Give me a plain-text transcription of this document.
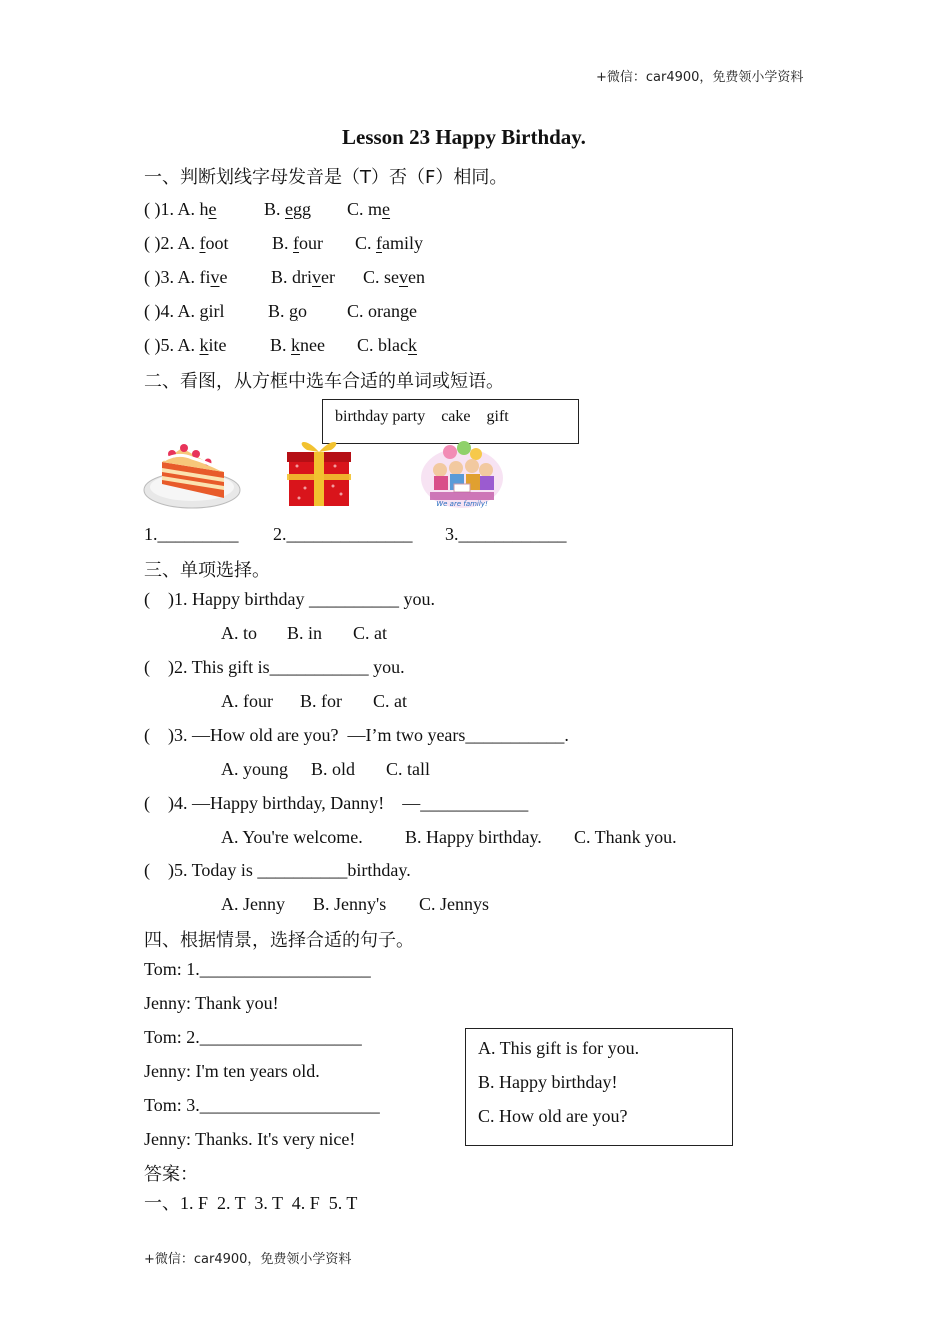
+微信：car4900，免费领小学资料
Lesson 23 Happy Birthday.
一、判断划线字母发音是（T）否（F）相同。
( )1. A. he	B. egg C. me
( )2. A. foot B. four C. family
( )3. A. five B. driver C. seven
( )4. A. girl B. go C. orange
( )5. A. kite B. knee C. black
二、看图，从方框中选车合适的单词或短语。
birthday party    cake    gift
We are family!
1._________ 2.______________ 3.____________
三、单项选择。
(    )1. Happy birthday __________ you.
A. to B. in C. at
(    )2. This gift is___________ you.
A. four B. for C. at
(    )3. —How old are you?  —I’m two years___________.
A. young B. old C. tall
(    )4. —Happy birthday, Danny!    —____________
A. You're welcome. B. Happy birthday. C. Thank you.
(    )5. Today is __________birthday.
A. Jenny B. Jenny's C. Jennys
四、根据情景，选择合适的句子。
Tom: 1.___________________
Jenny: Thank you!
Tom: 2.__________________
Jenny: I'm ten years old.
Tom: 3.____________________
Jenny: Thanks. It's very nice!
A. This gift is for you.
B. Happy birthday!
C. How old are you?
答案：
一、1. F  2. T  3. T  4. F  5. T
+微信：car4900，免费领小学资料
